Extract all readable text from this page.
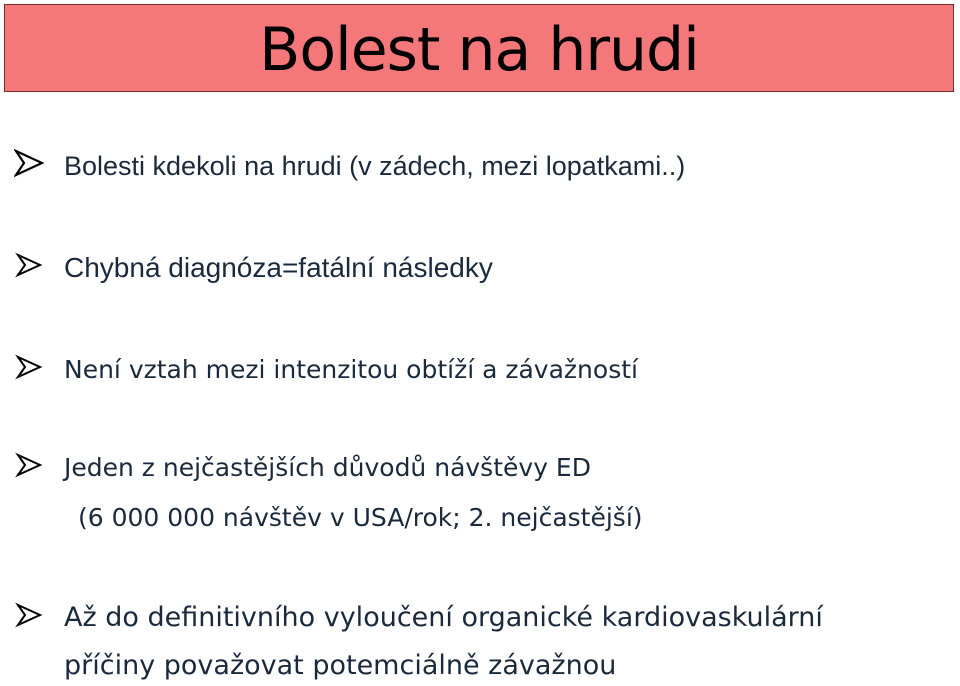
Bolest na hrudi
Bolesti kdekoli na hrudi (v zádech, mezi lopatkami..)
Chybná diagnóza=fatální následky
Není vztah mezi intenzitou obtíží a závažností
Jeden z nejčastějších důvodů návštěvy ED
(6 000 000 návštěv v USA/rok; 2. nejčastější)
Až do definitivního vyloučení organické kardiovaskulární
příčiny považovat potemciálně závažnou
